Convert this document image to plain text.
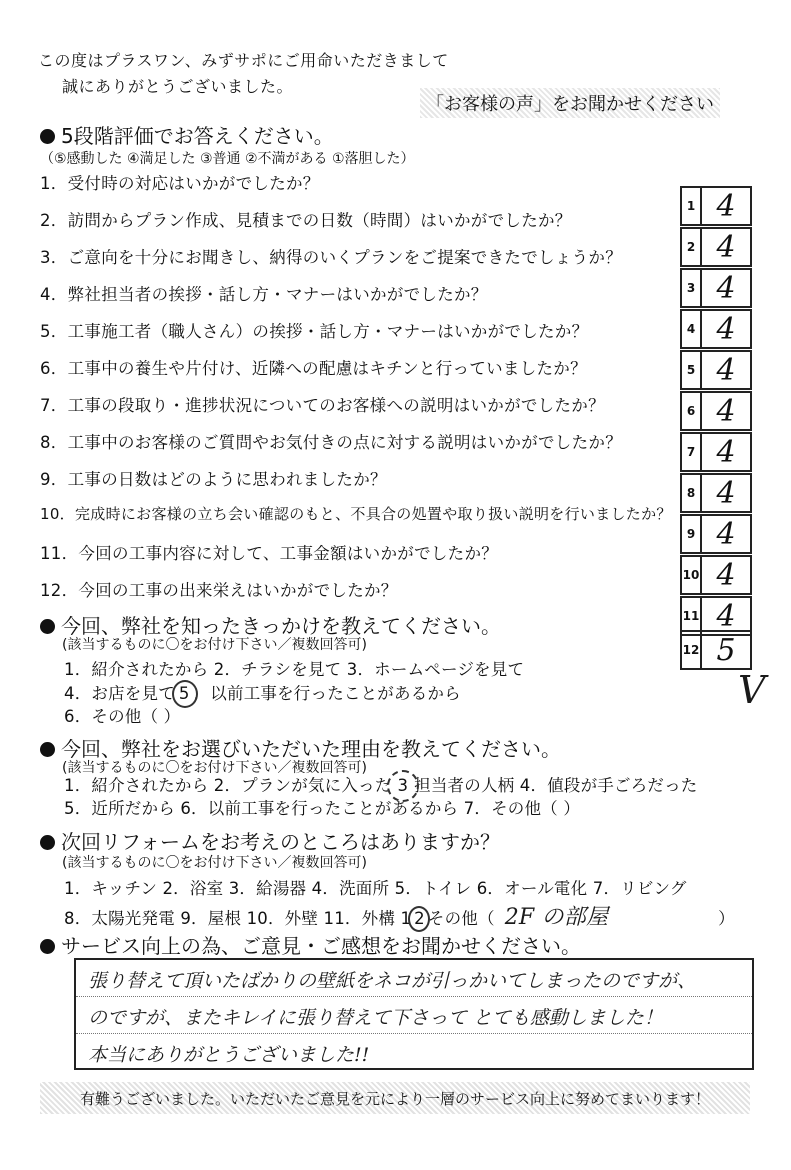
この度はプラスワン、みずサポにご用命いただきまして
誠にありがとうございました。
「お客様の声」をお聞かせください
5段階評価でお答えください。
（⑤感動した ④満足した ③普通 ②不満がある ①落胆した）
1．受付時の対応はいかがでしたか？
2．訪問からプラン作成、見積までの日数（時間）はいかがでしたか？
3．ご意向を十分にお聞きし、納得のいくプランをご提案できたでしょうか？
4．弊社担当者の挨拶・話し方・マナーはいかがでしたか？
5．工事施工者（職人さん）の挨拶・話し方・マナーはいかがでしたか？
6．工事中の養生や片付け、近隣への配慮はキチンと行っていましたか？
7．工事の段取り・進捗状況についてのお客様への説明はいかがでしたか？
8．工事中のお客様のご質問やお気付きの点に対する説明はいかがでしたか？
9．工事の日数はどのように思われましたか？
10．完成時にお客様の立ち会い確認のもと、不具合の処置や取り扱い説明を行いましたか？
11．今回の工事内容に対して、工事金額はいかがでしたか？
12．今回の工事の出来栄えはいかがでしたか？
1 4
2 4
3 4
4 4
5 4
6 4
7 4
8 4
9 4
10 4
11 4
12 5
V
今回、弊社を知ったきっかけを教えてください。
(該当するものに〇をお付け下さい／複数回答可)
1．紹介されたから 2．チラシを見て 3．ホームページを見て
4．お店を見て 5 ．以前工事を行ったことがあるから
6．その他（ ）
今回、弊社をお選びいただいた理由を教えてください。
(該当するものに〇をお付け下さい／複数回答可)
1．紹介されたから 2．プランが気に入った 3 担当者の人柄 4．値段が手ごろだった
5．近所だから 6．以前工事を行ったことがあるから 7．その他（ ）
次回リフォームをお考えのところはありますか？
(該当するものに〇をお付け下さい／複数回答可)
1．キッチン 2．浴室 3．給湯器 4．洗面所 5．トイレ 6．オール電化 7．リビング
8．太陽光発電 9．屋根 10．外壁 11．外構 1 2 その他（ 2F の部屋	）
サービス向上の為、ご意見・ご感想をお聞かせください。
張り替えて頂いたばかりの壁紙をネコが引っかいてしまったのですが、
のですが、またキレイに張り替えて下さって とても感動しました！
本当にありがとうございました!!
有難うございました。いただいたご意見を元により一層のサービス向上に努めてまいります！
